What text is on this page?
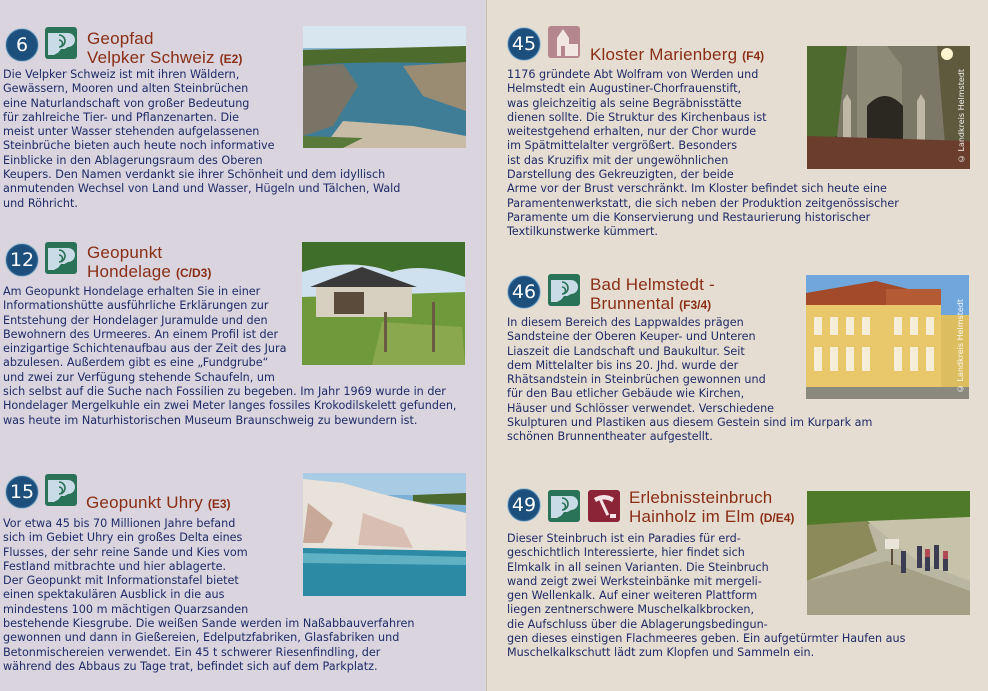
6	Geopfad
Velpker Schweiz (E2)
Die Velpker Schweiz ist mit ihren Wäldern,
Gewässern, Mooren und alten Steinbrüchen
eine Naturlandschaft von großer Bedeutung
für zahlreiche Tier- und Pflanzenarten. Die
meist unter Wasser stehenden aufgelassenen
Steinbrüche bieten auch heute noch informative
Einblicke in den Ablagerungsraum des Oberen
Keupers. Den Namen verdankt sie ihrer Schönheit und dem idyllisch
anmutenden Wechsel von Land und Wasser, Hügeln und Tälchen, Wald
und Röhricht.
12	Geopunkt
Hondelage (C/D3)
Am Geopunkt Hondelage erhalten Sie in einer
Informationshütte ausführliche Erklärungen zur
Entstehung der Hondelager Juramulde und den
Bewohnern des Urmeeres. An einem Profil ist der
einzigartige Schichtenaufbau aus der Zeit des Jura
abzulesen. Außerdem gibt es eine „Fundgrube“
und zwei zur Verfügung stehende Schaufeln, um
sich selbst auf die Suche nach Fossilien zu begeben. Im Jahr 1969 wurde in der
Hondelager Mergelkuhle ein zwei Meter langes fossiles Krokodilskelett gefunden,
was heute im Naturhistorischen Museum Braunschweig zu bewundern ist.
15	Geopunkt Uhry (E3)
Vor etwa 45 bis 70 Millionen Jahre befand
sich im Gebiet Uhry ein großes Delta eines
Flusses, der sehr reine Sande und Kies vom
Festland mitbrachte und hier ablagerte.
Der Geopunkt mit Informationstafel bietet
einen spektakulären Ausblick in die aus
mindestens 100 m mächtigen Quarzsanden
bestehende Kiesgrube. Die weißen Sande werden im Naßabbauverfahren
gewonnen und dann in Gießereien, Edelputzfabriken, Glasfabriken und
Betonmischereien verwendet. Ein 45 t schwerer Riesenfindling, der
während des Abbaus zu Tage trat, befindet sich auf dem Parkplatz.
45	Kloster Marienberg (F4)
© Landkreis Helmstedt
1176 gründete Abt Wolfram von Werden und
Helmstedt ein Augustiner-Chorfrauenstift,
was gleichzeitig als seine Begräbnisstätte
dienen sollte. Die Struktur des Kirchenbaus ist
weitestgehend erhalten, nur der Chor wurde
im Spätmittelalter vergrößert. Besonders
ist das Kruzifix mit der ungewöhnlichen
Darstellung des Gekreuzigten, der beide
Arme vor der Brust verschränkt. Im Kloster befindet sich heute eine
Paramentenwerkstatt, die sich neben der Produktion zeitgenössischer
Paramente um die Konservierung und Restaurierung historischer
Textilkunstwerke kümmert.
46	Bad Helmstedt -
Brunnental (F3/4)	© Landkreis Helmstedt
In diesem Bereich des Lappwaldes prägen
Sandsteine der Oberen Keuper- und Unteren
Liaszeit die Landschaft und Baukultur. Seit
dem Mittelalter bis ins 20. Jhd. wurde der
Rhätsandstein in Steinbrüchen gewonnen und
für den Bau etlicher Gebäude wie Kirchen,
Häuser und Schlösser verwendet. Verschiedene
Skulpturen und Plastiken aus diesem Gestein sind im Kurpark am
schönen Brunnentheater aufgestellt.
49	Erlebnissteinbruch
Hainholz im Elm (D/E4)
Dieser Steinbruch ist ein Paradies für erd-
geschichtlich Interessierte, hier findet sich
Elmkalk in all seinen Varianten. Die Steinbruch
wand zeigt zwei Werksteinbänke mit mergeli-
gen Wellenkalk. Auf einer weiteren Plattform
liegen zentnerschwere Muschelkalkbrocken,
die Aufschluss über die Ablagerungsbedingun-
gen dieses einstigen Flachmeeres geben. Ein aufgetürmter Haufen aus
Muschelkalkschutt lädt zum Klopfen und Sammeln ein.
